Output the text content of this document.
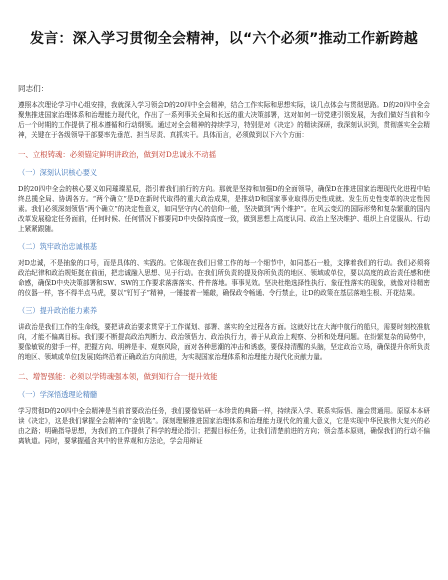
发言：深入学习贯彻全会精神，以“六个必须”推动工作新跨越
同志们：

遵照本次理论学习中心组安排，我就深入学习领会D的20四中全会精神，结合工作实际和思想实际，谈几点体会与贯彻思路。D的20四中全会聚焦推进国家治理体系和治理能力现代化，作出了一系列事关全局和长远的重大决策部署，这对如何一切党建引领发展，为我们做好当前和今后一个时期的工作提供了根本遵循和行动纲领。通过对全会精神的持续学习，特别是对《决定》的精读深研，我深刻认识到，贯彻落实全会精神，关键在于各级领导干部要率先垂范、担当尽责、真抓实干。具体而言，必须做到以下六个方面：

一、立根铸魂：必须锚定鲜明讲政治，做到对D忠诚永不动摇
（一）深刻认识核心要义

D的20四中全会的核心要义如同璀璨星辰，指引着我们前行的方向。那就是坚持和加强D的全面领导，确保D在推进国家治理现代化进程中始终总揽全局、协调各方。“两个确立”是D在新时代取得的重大政治成果，是推动D和国家事业取得历史性成就、发生历史性变革的决定性因素。我们必须深刻领悟“两个确立”的决定性意义，如同坚守内心的信仰一般，坚决做到“两个维护”。在风云变幻的国际形势和复杂繁重的国内改革发展稳定任务面前，任何时候、任何情况下都要同D中央保持高度一致，做到思想上高度认同、政治上坚决维护、组织上自觉服从、行动上紧紧跟随。

（二）筑牢政治忠诚根基

对D忠诚，不是抽象的口号，而是具体的、实践的。它体现在我们日常工作的每一个细节中，如同基石一般，支撑着我们的行动。我们必须将政治纪律和政治规矩挺在前面，把忠诚融入思想、见于行动。在我们所负责的提及你所负责的地区、领域或单位，要以高度的政治责任感和使命感，确保D中央决策部署和SW、SW的工作要求落落落实、件件落地。事事见效。坚决杜绝选择性执行、象征性落实的现象，就像对待精密的仪器一样，容不得半点马虎，要以“钉钉子”精神，一锤接着一锤敲，确保政令畅通、令行禁止，让D的政策在基层落地生根、开花结果。

（三）提升政治能力素养

讲政治是我们工作的生命线，要把讲政治要求贯穿于工作谋划、部署、落实的全过程各方面。这就好比在大海中航行的船只，需要时刻校准航向，才能不偏离目标。我们要不断提高政治判断力、政治领悟力、政治执行力，善于从政治上观察、分析和处理问题。在纷繁复杂的局势中，要像敏锐的猎手一样，把握方向、明辨是非、观察风险，面对各种思潮的冲击和诱惑，要保持清醒的头脑，坚定政治立场，确保提升你所负责的地区、领域或单位[发展]始终沿着正确政治方向前进，为实现国家治理体系和治理能力现代化贡献力量。

二、增智强能：必须以学铸魂强本领，做到知行合一提升效能
（一）学深悟透理论精髓

学习贯彻D的20四中全会精神是当前首要政治任务，我们要像钻研一本珍贵的典籍一样，持续深入学、联系实际悟、融会贯通用。原原本本研读《决定》，这是我们掌握全会精神的“金钥匙”。深刻理解推进国家治理体系和治理能力现代化的重大意义，它是实现中华民族伟大复兴的必由之路；明确指导思想，为我们的工作提供了科学的理论指引；把握目标任务，让我们清楚前进的方向；领会基本原则，确保我们的行动不偏离轨道。同时，要掌握蕴含其中的世界观和方法论，学会用辩证
